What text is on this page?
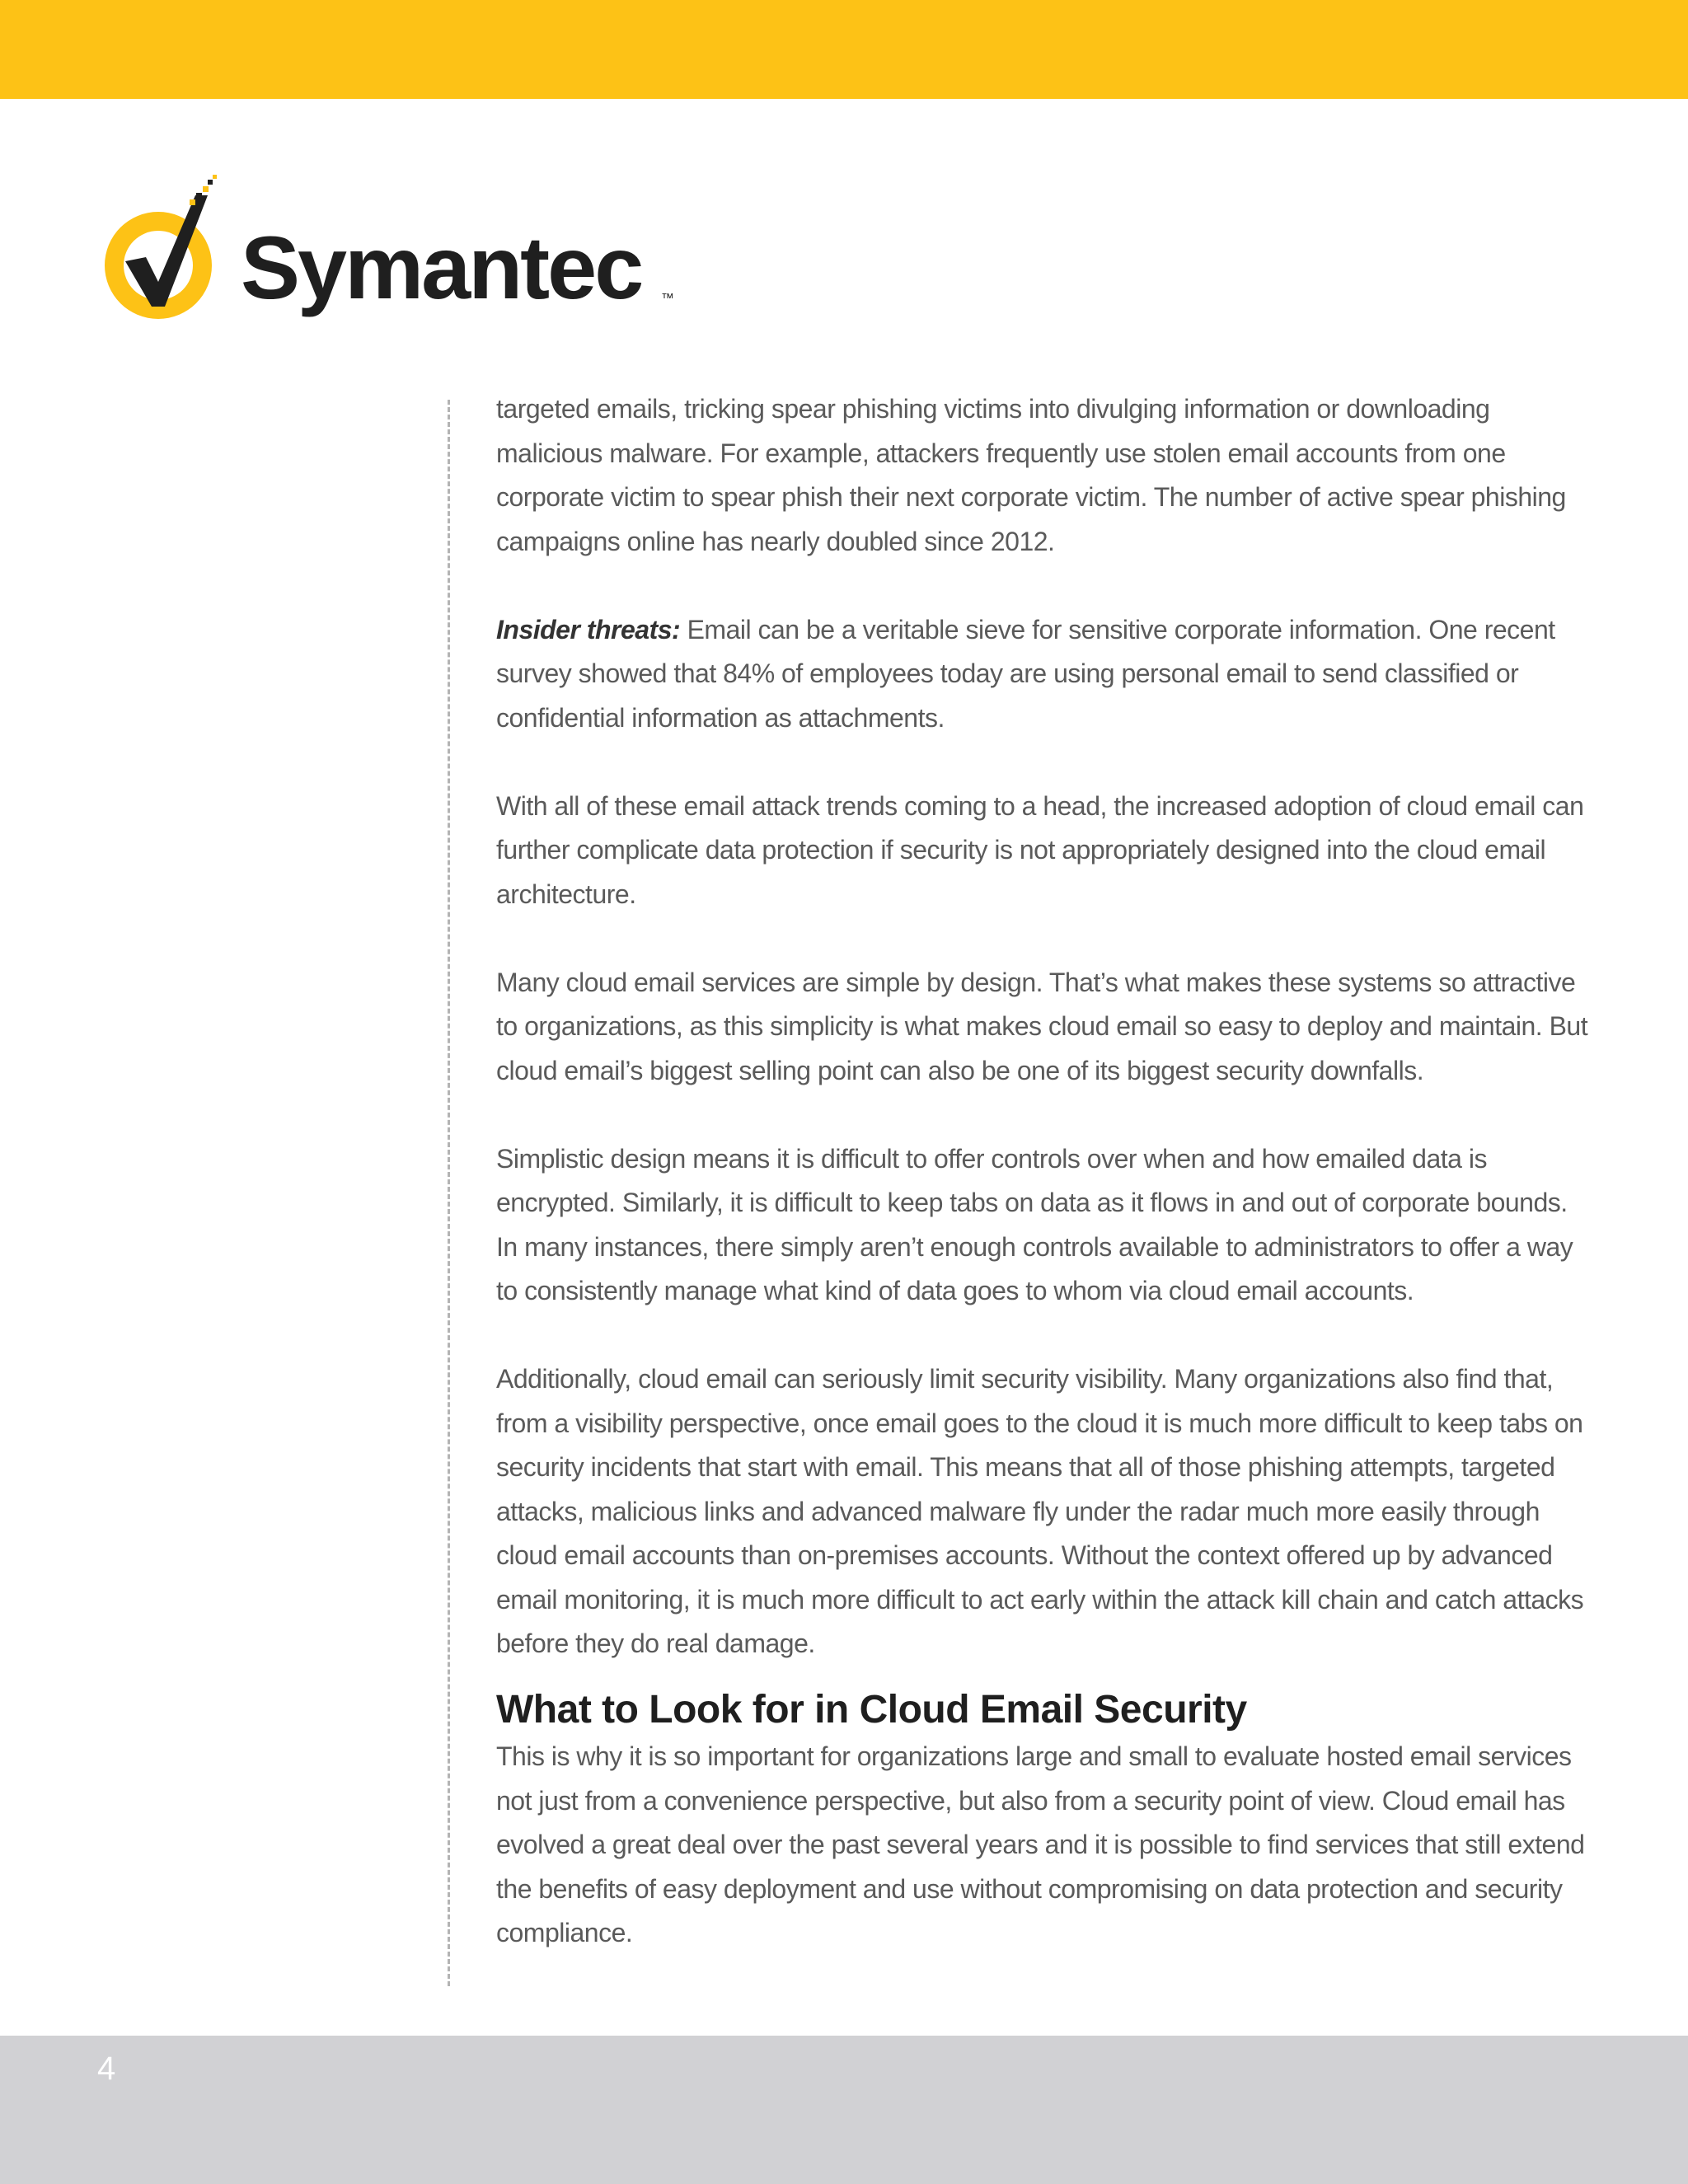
Symantec ™

targeted emails, tricking spear phishing victims into divulging information or downloading malicious malware. For example, attackers frequently use stolen email accounts from one corporate victim to spear phish their next corporate victim. The number of active spear phishing campaigns online has nearly doubled since 2012.

Insider threats: Email can be a veritable sieve for sensitive corporate information. One recent survey showed that 84% of employees today are using personal email to send classified or confidential information as attachments.

With all of these email attack trends coming to a head, the increased adoption of cloud email can further complicate data protection if security is not appropriately designed into the cloud email architecture.

Many cloud email services are simple by design. That’s what makes these systems so attractive to organizations, as this simplicity is what makes cloud email so easy to deploy and maintain. But cloud email’s biggest selling point can also be one of its biggest security downfalls.

Simplistic design means it is difficult to offer controls over when and how emailed data is encrypted. Similarly, it is difficult to keep tabs on data as it flows in and out of corporate bounds. In many instances, there simply aren’t enough controls available to administrators to offer a way to consistently manage what kind of data goes to whom via cloud email accounts.

Additionally, cloud email can seriously limit security visibility. Many organizations also find that, from a visibility perspective, once email goes to the cloud it is much more difficult to keep tabs on security incidents that start with email. This means that all of those phishing attempts, targeted attacks, malicious links and advanced malware fly under the radar much more easily through cloud email accounts than on-premises accounts. Without the context offered up by advanced email monitoring, it is much more difficult to act early within the attack kill chain and catch attacks before they do real damage.

What to Look for in Cloud Email Security

This is why it is so important for organizations large and small to evaluate hosted email services not just from a convenience perspective, but also from a security point of view. Cloud email has evolved a great deal over the past several years and it is possible to find services that still extend the benefits of easy deployment and use without compromising on data protection and security compliance.

4
